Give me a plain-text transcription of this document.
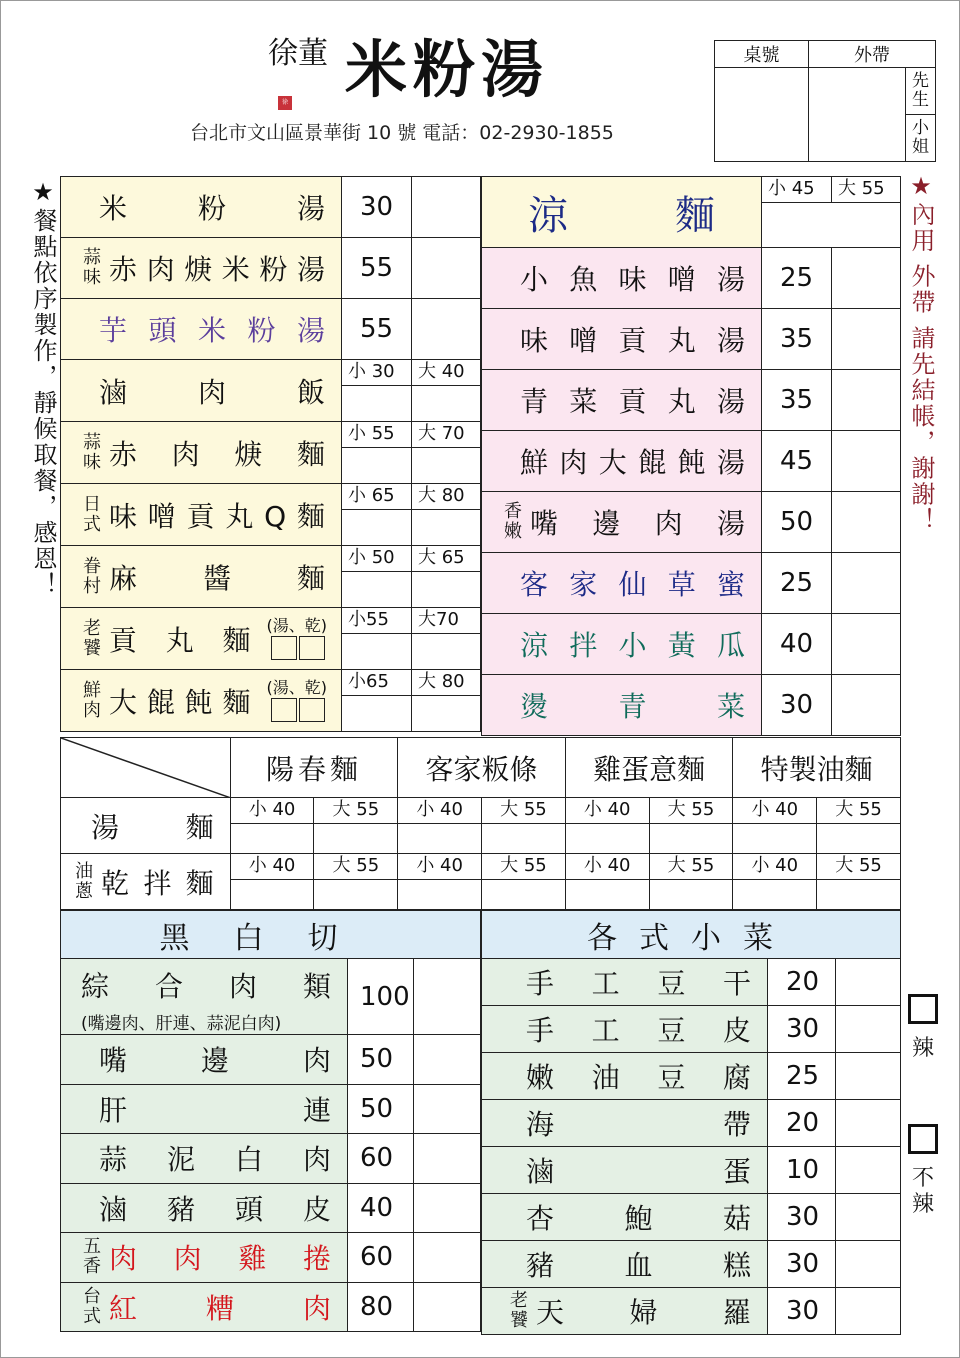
徐董
徐 米粉湯
台北市文山區景華街 10 號 電話：02-2930-1855
桌號	外帶	

		先生

		小姐
★餐點依序製作，靜候取餐，感恩！	★內用 外帶 請先結帳，謝謝！
米粉湯	30	

蒜味 赤肉焿米粉湯	55	

芋頭米粉湯	55	

滷肉飯	小 30	大 40

蒜味 赤肉焿麵	小 55	大 70

日式 味噌貢丸Q麵	小 65	大 80

眷村 麻醬麵	小 50	大 65

老饕 貢丸麵 (湯、乾)	小55	大70

鮮肉 大餛飩麵 (湯、乾)	小65	大 80
涼麵	小 45 大 55	

小魚味噌湯	25	

味噌貢丸湯	35	

青菜貢丸湯	35	

鮮肉大餛飩湯	45	

香嫩 嘴邊肉湯	50	

客家仙草蜜	25	

涼拌小黃瓜	40	

燙青菜	30	
	陽春麵		客家粄條		雞蛋意麵		特製油麵	

湯麵	小 40	大 55	小 40	大 55	小 40	大 55	小 40	大 55

油蔥 乾拌麵	小 40	大 55	小 40	大 55	小 40	大 55	小 40	大 55
黑白切		

綜合肉類
(嘴邊肉、肝連、蒜泥白肉)	100	

嘴邊肉	50	

肝連	50	

蒜泥白肉	60	

滷豬頭皮	40	

五香 肉肉雞捲	60	

台式 紅糟肉	80	
各式小菜		

手工豆干	20	

手工豆皮	30	

嫩油豆腐	25	

海帶	20	

滷蛋	10	

杏鮑菇	30	

豬血糕	30	

老饕 天婦羅	30	
辣
不辣
